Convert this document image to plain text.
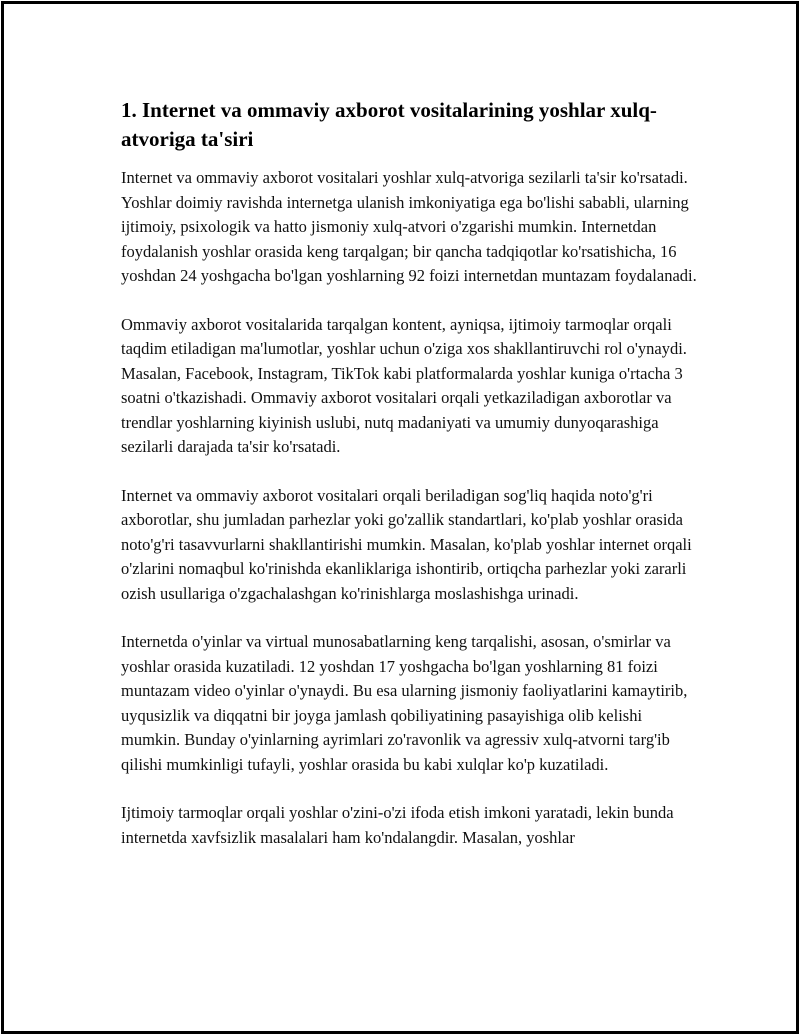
1. Internet va ommaviy axborot vositalarining yoshlar xulq-atvoriga ta'siri

Internet va ommaviy axborot vositalari yoshlar xulq-atvoriga sezilarli ta'sir ko'rsatadi. Yoshlar doimiy ravishda internetga ulanish imkoniyatiga ega bo'lishi sababli, ularning ijtimoiy, psixologik va hatto jismoniy xulq-atvori o'zgarishi mumkin. Internetdan foydalanish yoshlar orasida keng tarqalgan; bir qancha tadqiqotlar ko'rsatishicha, 16 yoshdan 24 yoshgacha bo'lgan yoshlarning 92 foizi internetdan muntazam foydalanadi.

Ommaviy axborot vositalarida tarqalgan kontent, ayniqsa, ijtimoiy tarmoqlar orqali taqdim etiladigan ma'lumotlar, yoshlar uchun o'ziga xos shakllantiruvchi rol o'ynaydi. Masalan, Facebook, Instagram, TikTok kabi platformalarda yoshlar kuniga o'rtacha 3 soatni o'tkazishadi. Ommaviy axborot vositalari orqali yetkaziladigan axborotlar va trendlar yoshlarning kiyinish uslubi, nutq madaniyati va umumiy dunyoqarashiga sezilarli darajada ta'sir ko'rsatadi.

Internet va ommaviy axborot vositalari orqali beriladigan sog'liq haqida noto'g'ri axborotlar, shu jumladan parhezlar yoki go'zallik standartlari, ko'plab yoshlar orasida noto'g'ri tasavvurlarni shakllantirishi mumkin. Masalan, ko'plab yoshlar internet orqali o'zlarini nomaqbul ko'rinishda ekanliklariga ishontirib, ortiqcha parhezlar yoki zararli ozish usullariga o'zgachalashgan ko'rinishlarga moslashishga urinadi.

Internetda o'yinlar va virtual munosabatlarning keng tarqalishi, asosan, o'smirlar va yoshlar orasida kuzatiladi. 12 yoshdan 17 yoshgacha bo'lgan yoshlarning 81 foizi muntazam video o'yinlar o'ynaydi. Bu esa ularning jismoniy faoliyatlarini kamaytirib, uyqusizlik va diqqatni bir joyga jamlash qobiliyatining pasayishiga olib kelishi mumkin. Bunday o'yinlarning ayrimlari zo'ravonlik va agressiv xulq-atvorni targ'ib qilishi mumkinligi tufayli, yoshlar orasida bu kabi xulqlar ko'p kuzatiladi.

Ijtimoiy tarmoqlar orqali yoshlar o'zini-o'zi ifoda etish imkoni yaratadi, lekin bunda internetda xavfsizlik masalalari ham ko'ndalangdir. Masalan, yoshlar
